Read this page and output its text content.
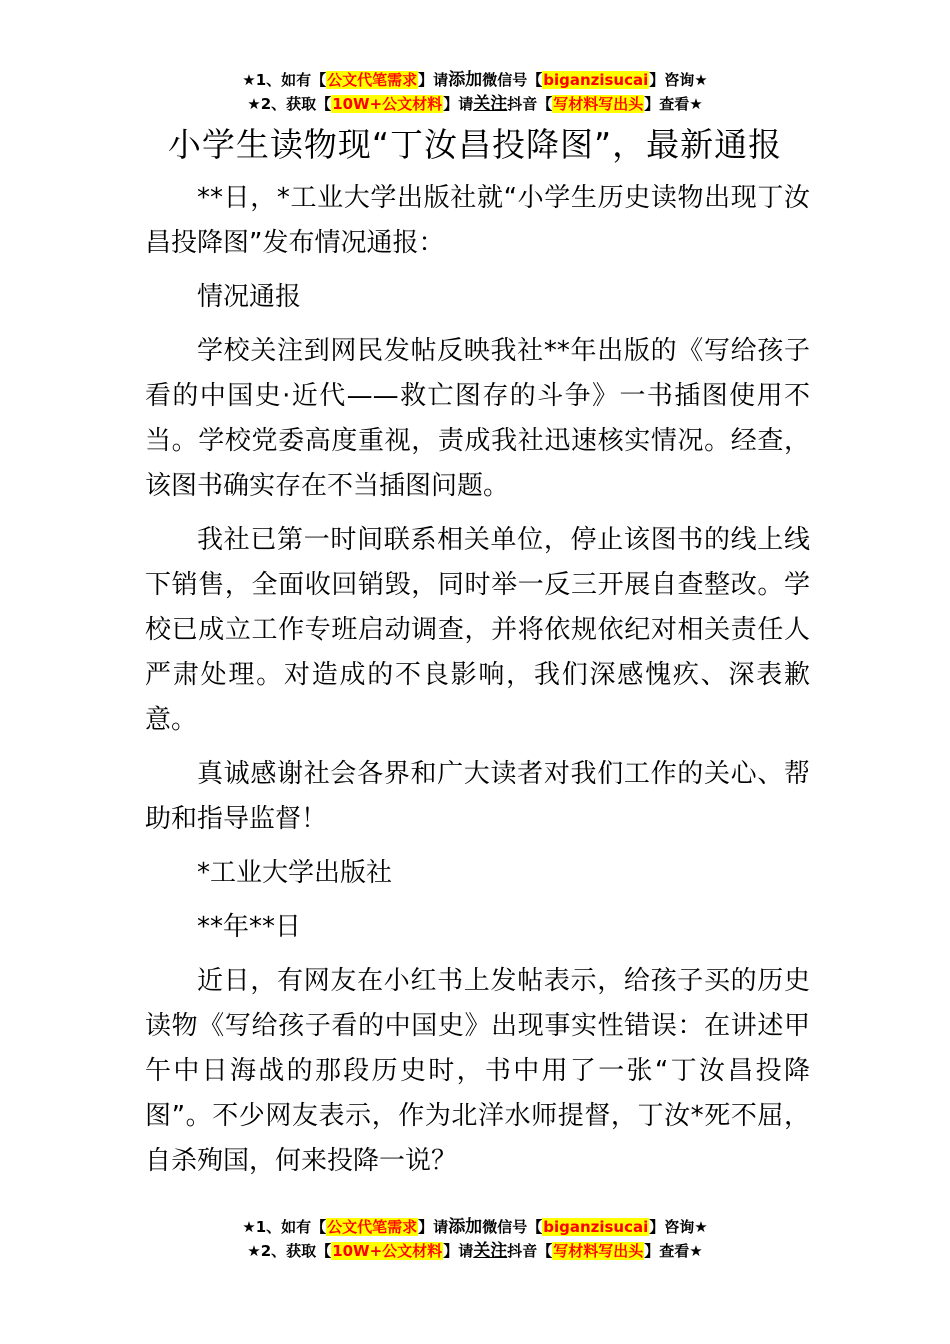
★1、如有【公文代笔需求】请添加微信号【biganzisucai】咨询★
★2、获取【10W+公文材料】请关注抖音【写材料写出头】查看★
小学生读物现“丁汝昌投降图”，最新通报

**日，*工业大学出版社就“小学生历史读物出现丁汝昌投降图”发布情况通报：

情况通报

学校关注到网民发帖反映我社**年出版的《写给孩子看的中国史·近代——救亡图存的斗争》一书插图使用不当。学校党委高度重视，责成我社迅速核实情况。经查，该图书确实存在不当插图问题。

我社已第一时间联系相关单位，停止该图书的线上线下销售，全面收回销毁，同时举一反三开展自查整改。学校已成立工作专班启动调查，并将依规依纪对相关责任人严肃处理。对造成的不良影响，我们深感愧疚、深表歉意。

真诚感谢社会各界和广大读者对我们工作的关心、帮助和指导监督！

*工业大学出版社

**年**日

近日，有网友在小红书上发帖表示，给孩子买的历史读物《写给孩子看的中国史》出现事实性错误：在讲述甲午中日海战的那段历史时，书中用了一张“丁汝昌投降图”。不少网友表示，作为北洋水师提督，丁汝*死不屈，自杀殉国，何来投降一说？

★1、如有【公文代笔需求】请添加微信号【biganzisucai】咨询★
★2、获取【10W+公文材料】请关注抖音【写材料写出头】查看★
